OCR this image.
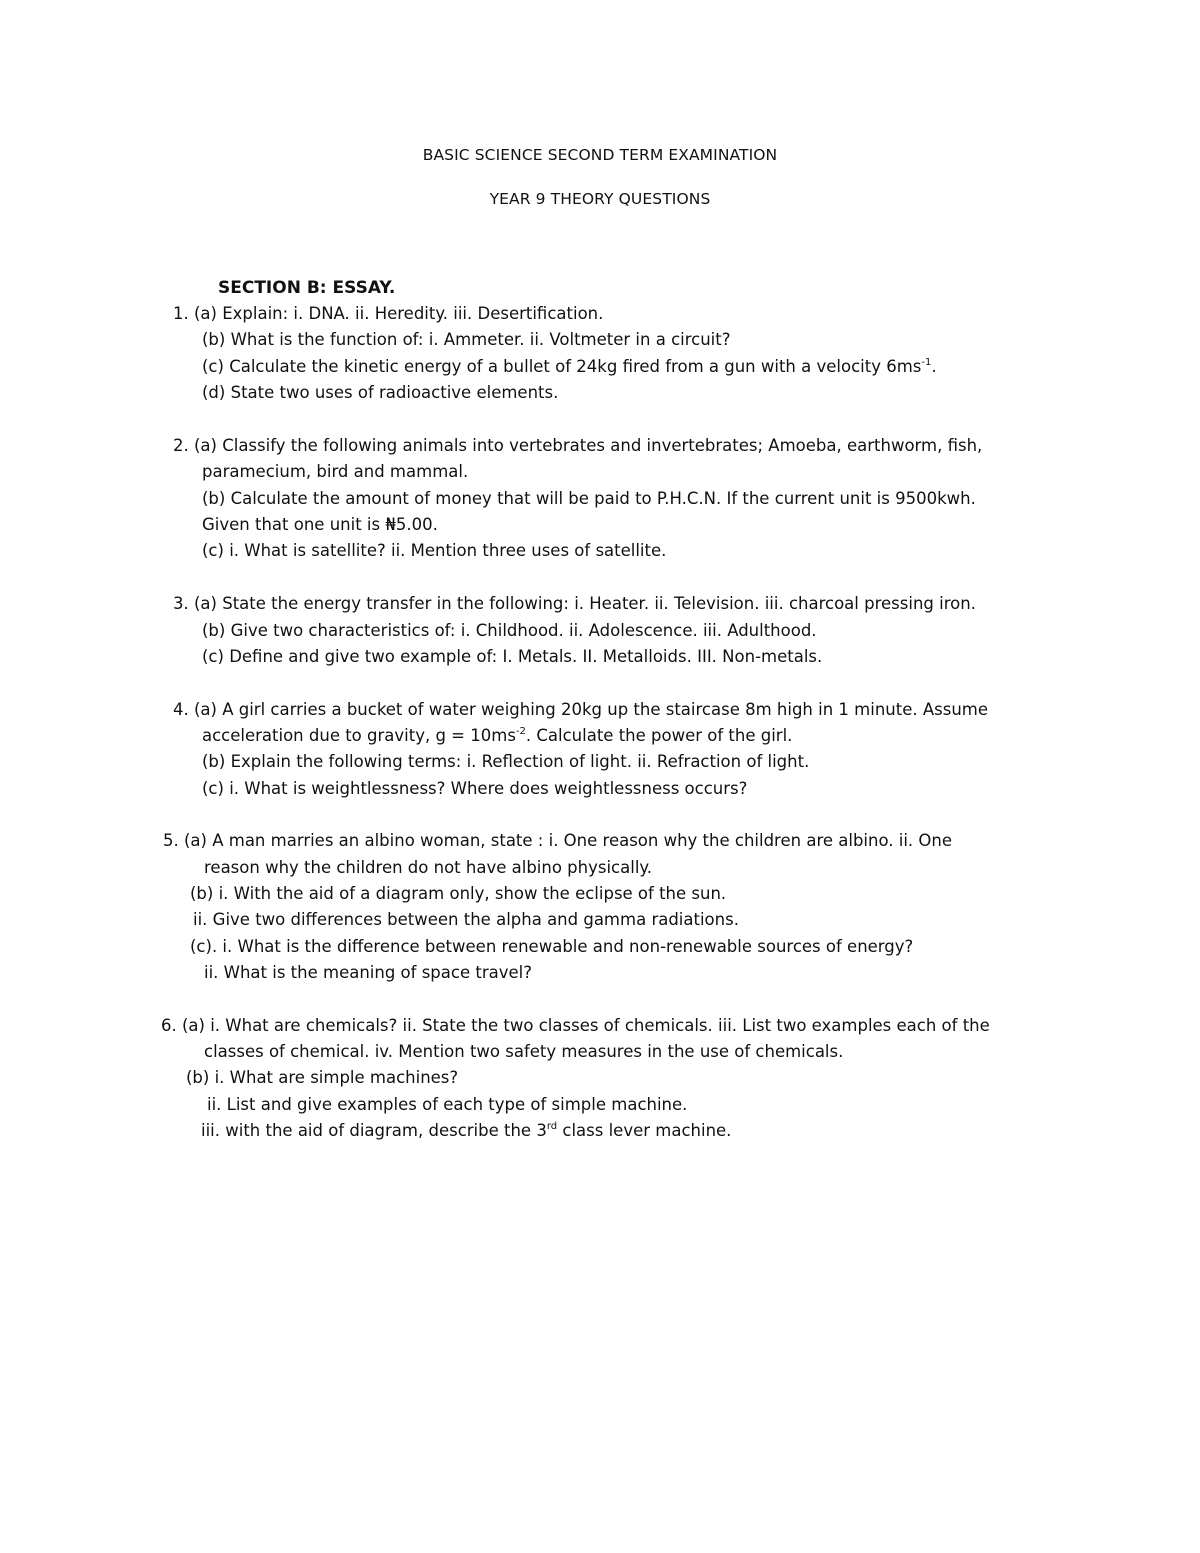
BASIC SCIENCE SECOND TERM EXAMINATION
YEAR 9 THEORY QUESTIONS
SECTION B: ESSAY.
1. (a) Explain: i. DNA. ii. Heredity. iii. Desertification.
(b) What is the function of: i. Ammeter. ii. Voltmeter in a circuit?
(c) Calculate the kinetic energy of a bullet of 24kg fired from a gun with a velocity $6ms^{-1}$.
(d) State two uses of radioactive elements.
2. (a) Classify the following animals into vertebrates and invertebrates; Amoeba, earthworm, fish,
paramecium, bird and mammal.
(b) Calculate the amount of money that will be paid to P.H.C.N. If the current unit is 9500kwh.
Given that one unit is ₦5.00.
(c) i. What is satellite? ii. Mention three uses of satellite.
3. (a) State the energy transfer in the following: i. Heater. ii. Television. iii. charcoal pressing iron.
(b) Give two characteristics of: i. Childhood. ii. Adolescence. iii. Adulthood.
(c) Define and give two example of: I. Metals. II. Metalloids. III. Non-metals.
4. (a) A girl carries a bucket of water weighing 20kg up the staircase 8m high in 1 minute. Assume
acceleration due to gravity, $g = 10ms^{-2}$. Calculate the power of the girl.
(b) Explain the following terms: i. Reflection of light. ii. Refraction of light.
(c) i. What is weightlessness? Where does weightlessness occurs?
5. (a) A man marries an albino woman, state : i. One reason why the children are albino. ii. One
reason why the children do not have albino physically.
(b) i. With the aid of a diagram only, show the eclipse of the sun.
ii. Give two differences between the alpha and gamma radiations.
(c). i. What is the difference between renewable and non-renewable sources of energy?
ii. What is the meaning of space travel?
6. (a) i. What are chemicals? ii. State the two classes of chemicals. iii. List two examples each of the
classes of chemical. iv. Mention two safety measures in the use of chemicals.
(b) i. What are simple machines?
ii. List and give examples of each type of simple machine.
iii. with the aid of diagram, describe the 3rd class lever machine.
